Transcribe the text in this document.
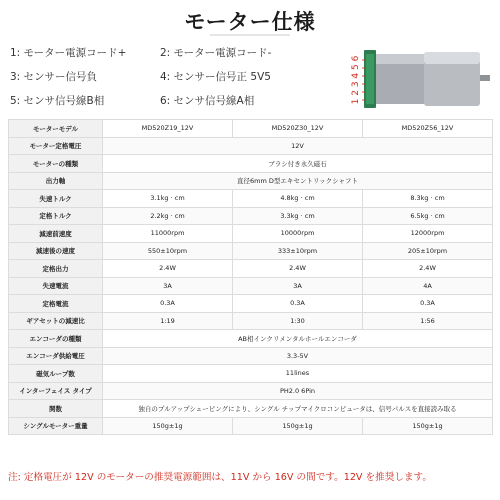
モーター仕様
1: モーター電源コード+	2: モーター電源コード-
3: センサー信号負	4: センサー信号正 5V5
5: センサ信号線B相	6: センサ信号線A相	1 2 3 4 5 6
モーターモデル	MD520Z19_12V	MD520Z30_12V	MD520Z56_12V
モーター定格電圧	12V		
モーターの種類	ブラシ付き永久磁石		
出力軸	直径6mm D型エキセントリックシャフト		
失速トルク	3.1kg · cm	4.8kg · cm	8.3kg · cm
定格トルク	2.2kg · cm	3.3kg · cm	6.5kg · cm
減速前速度	11000rpm	10000rpm	12000rpm
減速後の速度	550±10rpm	333±10rpm	205±10rpm
定格出力	2.4W	2.4W	2.4W
失速電流	3A	3A	4A
定格電流	0.3A	0.3A	0.3A
ギアセットの減速比	1:19	1:30	1:56
エンコーダの種類	AB相インクリメンタルホールエンコーダ		
エンコーダ供給電圧	3.3-5V		
磁気ループ数	11lines		
インターフェイス タイプ	PH2.0 6Pin		
関数	独自のプルアップシェーピングにより、シングル チップマイクロコンピュータは、信号パルスを直接読み取る		
シングルモーター重量	150g±1g	150g±1g	150g±1g
注: 定格電圧が 12V のモーターの推奨電源範囲は、11V から 16V の間です。12V を推奨します。
